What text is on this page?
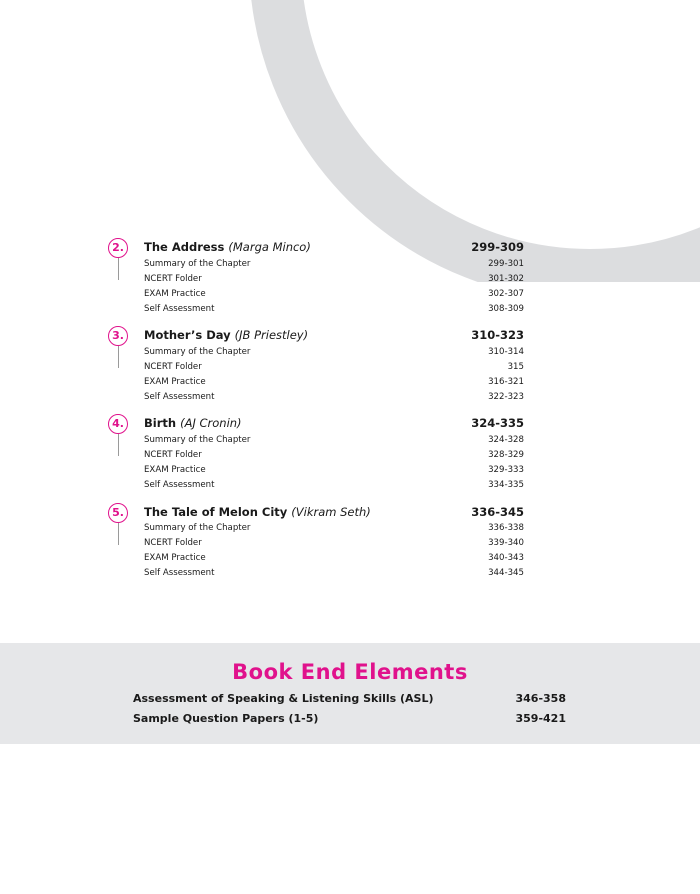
2.	The Address (Marga Minco)	299-309
Summary of the Chapter	299-301
NCERT Folder	301-302
EXAM Practice	302-307
Self Assessment	308-309
3.	Mother’s Day (JB Priestley)	310-323
Summary of the Chapter	310-314
NCERT Folder	315
EXAM Practice	316-321
Self Assessment	322-323
4.	Birth (AJ Cronin)	324-335
Summary of the Chapter	324-328
NCERT Folder	328-329
EXAM Practice	329-333
Self Assessment	334-335
5.	The Tale of Melon City (Vikram Seth)	336-345
Summary of the Chapter	336-338
NCERT Folder	339-340
EXAM Practice	340-343
Self Assessment	344-345
Book End Elements
Assessment of Speaking & Listening Skills (ASL)	346-358
Sample Question Papers (1-5)	359-421
